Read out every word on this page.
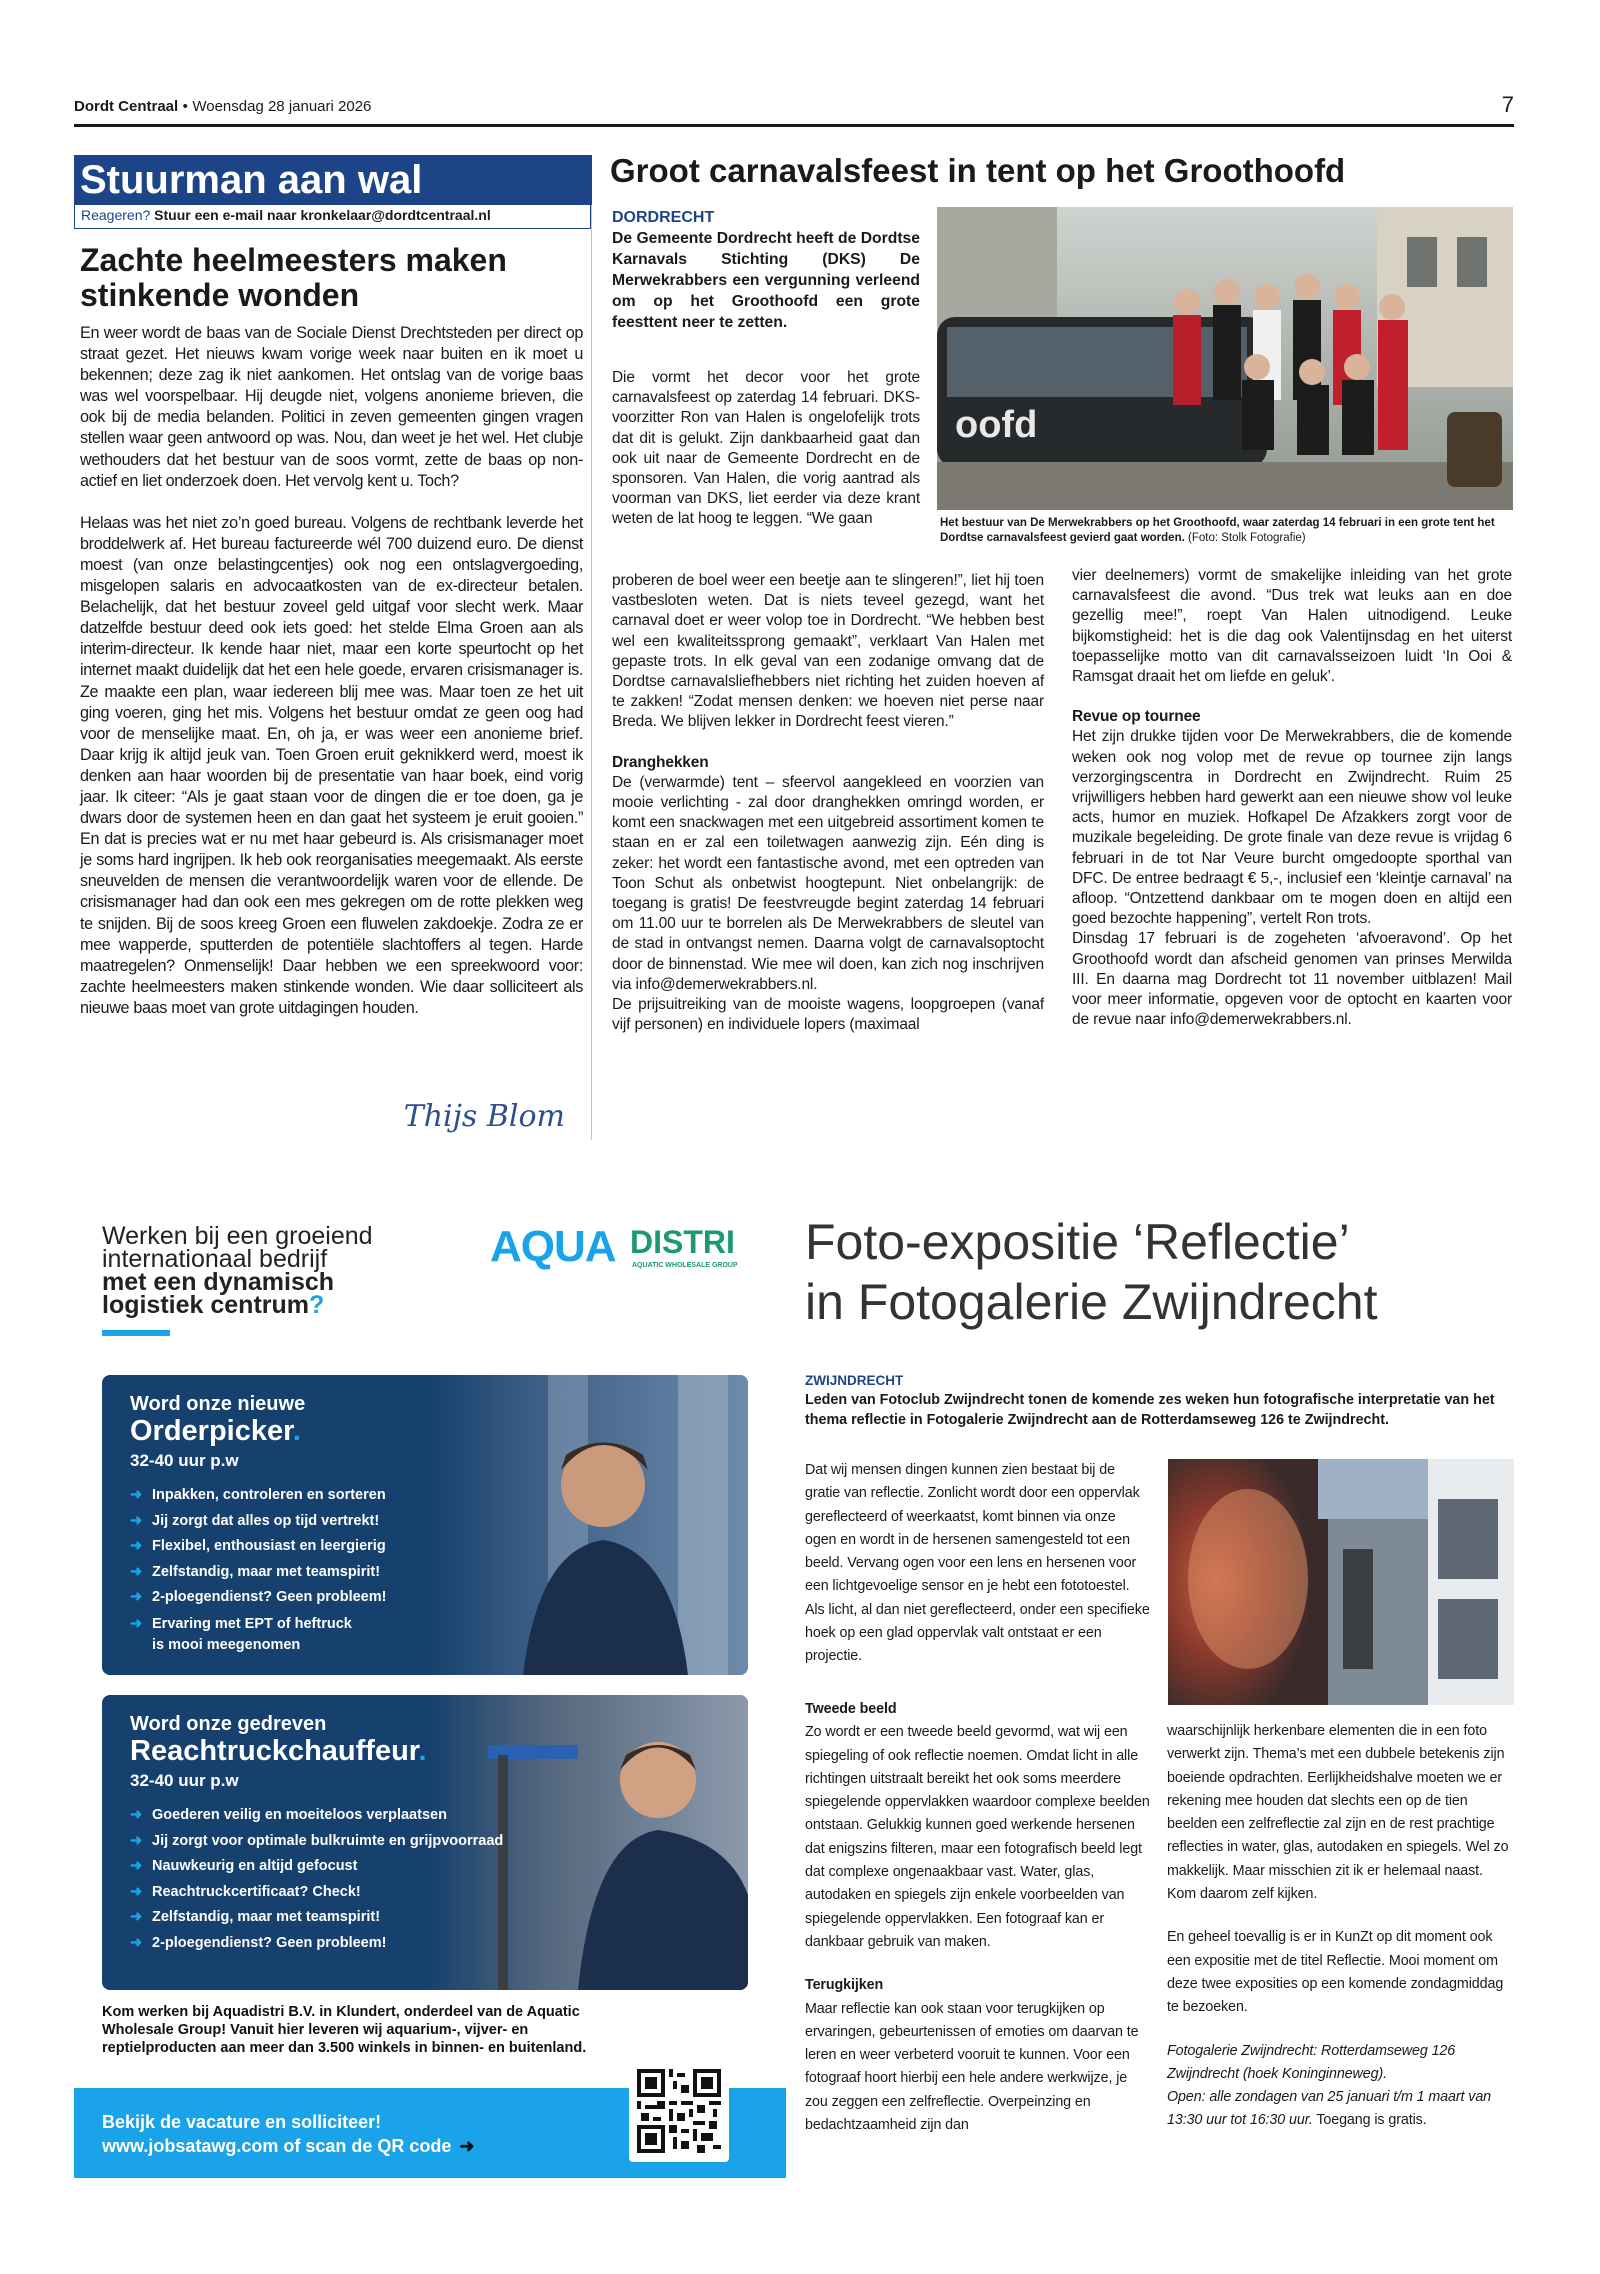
Dordt Centraal • Woensdag 28 januari 2026	7
Stuurman aan wal
Reageren? Stuur een e-mail naar kronkelaar@dordtcentraal.nl
Zachte heelmeesters maken stinkende wonden

En weer wordt de baas van de Sociale Dienst Drechtsteden per direct op straat gezet. Het nieuws kwam vorige week naar buiten en ik moet u bekennen; deze zag ik niet aankomen. Het ontslag van de vorige baas was wel voorspelbaar. Hij deugde niet, volgens anonieme brieven, die ook bij de media belanden. Politici in zeven gemeenten gingen vragen stellen waar geen antwoord op was. Nou, dan weet je het wel. Het clubje wethouders dat het bestuur van de soos vormt, zette de baas op non-actief en liet onderzoek doen. Het vervolg kent u. Toch?

Helaas was het niet zo’n goed bureau. Volgens de rechtbank leverde het broddelwerk af. Het bureau factureerde wél 700 duizend euro. De dienst moest (van onze belastingcentjes) ook nog een ontslagvergoeding, misgelopen salaris en advocaatkosten van de ex-directeur betalen. Belachelijk, dat het bestuur zoveel geld uitgaf voor slecht werk. Maar datzelfde bestuur deed ook iets goed: het stelde Elma Groen aan als interim-directeur. Ik kende haar niet, maar een korte speurtocht op het internet maakt duidelijk dat het een hele goede, ervaren crisismanager is. Ze maakte een plan, waar iedereen blij mee was. Maar toen ze het uit ging voeren, ging het mis. Volgens het bestuur omdat ze geen oog had voor de menselijke maat. En, oh ja, er was weer een anonieme brief. Daar krijg ik altijd jeuk van. Toen Groen eruit geknikkerd werd, moest ik denken aan haar woorden bij de presentatie van haar boek, eind vorig jaar. Ik citeer: “Als je gaat staan voor de dingen die er toe doen, ga je dwars door de systemen heen en dan gaat het systeem je eruit gooien.” En dat is precies wat er nu met haar gebeurd is. Als crisismanager moet je soms hard ingrijpen. Ik heb ook reorganisaties meegemaakt. Als eerste sneuvelden de mensen die verantwoordelijk waren voor de ellende. De crisismanager had dan ook een mes gekregen om de rotte plekken weg te snijden. Bij de soos kreeg Groen een fluwelen zakdoekje. Zodra ze er mee wapperde, sputterden de potentiële slachtoffers al tegen. Harde maatregelen? Onmenselijk! Daar hebben we een spreekwoord voor: zachte heelmeesters maken stinkende wonden. Wie daar solliciteert als nieuwe baas moet van grote uitdagingen houden.

Thijs Blom
Groot carnavalsfeest in tent op het Groothoofd
DORDRECHT
De Gemeente Dordrecht heeft de Dordtse Karnavals Stichting (DKS) De Merwekrabbers een vergunning verleend om op het Groothoofd een grote feesttent neer te zetten.

Die vormt het decor voor het grote carnavalsfeest op zaterdag 14 februari. DKS-voorzitter Ron van Halen is ongelofelijk trots dat dit is gelukt. Zijn dankbaarheid gaat dan ook uit naar de Gemeente Dordrecht en de sponsoren. Van Halen, die vorig aantrad als voorman van DKS, liet eerder via deze krant weten de lat hoog te leggen. “We gaan

proberen de boel weer een beetje aan te slingeren!”, liet hij toen vastbesloten weten. Dat is niets teveel gezegd, want het carnaval doet er weer volop toe in Dordrecht. “We hebben best wel een kwaliteitssprong gemaakt”, verklaart Van Halen met gepaste trots. In elk geval van een zodanige omvang dat de Dordtse carnavalsliefhebbers niet richting het zuiden hoeven af te zakken! “Zodat mensen denken: we hoeven niet perse naar Breda. We blijven lekker in Dordrecht feest vieren.”

Dranghekken

De (verwarmde) tent – sfeervol aangekleed en voorzien van mooie verlichting - zal door dranghekken omringd worden, er komt een snackwagen met een uitgebreid assortiment komen te staan en er zal een toiletwagen aanwezig zijn. Eén ding is zeker: het wordt een fantastische avond, met een optreden van Toon Schut als onbetwist hoogtepunt. Niet onbelangrijk: de toegang is gratis! De feestvreugde begint zaterdag 14 februari om 11.00 uur te borrelen als De Merwekrabbers de sleutel van de stad in ontvangst nemen. Daarna volgt de carnavalsoptocht door de binnenstad. Wie mee wil doen, kan zich nog inschrijven via info@demerwekrabbers.nl.

De prijsuitreiking van de mooiste wagens, loopgroepen (vanaf vijf personen) en individuele lopers (maximaal

vier deelnemers) vormt de smakelijke inleiding van het grote carnavalsfeest die avond. “Dus trek wat leuks aan en doe gezellig mee!”, roept Van Halen uitnodigend. Leuke bijkomstigheid: het is die dag ook Valentijnsdag en het uiterst toepasselijke motto van dit carnavalsseizoen luidt ‘In Ooi & Ramsgat draait het om liefde en geluk’.

Revue op tournee

Het zijn drukke tijden voor De Merwekrabbers, die de komende weken ook nog volop met de revue op tournee zijn langs verzorgingscentra in Dordrecht en Zwijndrecht. Ruim 25 vrijwilligers hebben hard gewerkt aan een nieuwe show vol leuke acts, humor en muziek. Hofkapel De Afzakkers zorgt voor de muzikale begeleiding. De grote finale van deze revue is vrijdag 6 februari in de tot Nar Veure burcht omgedoopte sporthal van DFC. De entree bedraagt € 5,-, inclusief een ‘kleintje carnaval’ na afloop. “Ontzettend dankbaar om te mogen doen en altijd een goed bezochte happening”, vertelt Ron trots.

Dinsdag 17 februari is de zogeheten ‘afvoeravond’. Op het Groothoofd wordt dan afscheid genomen van prinses Merwilda III. En daarna mag Dordrecht tot 11 november uitblazen! Mail voor meer informatie, opgeven voor de optocht en kaarten voor de revue naar info@demerwekrabbers.nl.

oofd
Het bestuur van De Merwekrabbers op het Groothoofd, waar zaterdag 14 februari in een grote tent het Dordtse carnavalsfeest gevierd gaat worden. (Foto: Stolk Fotografie)
Werken bij een groeiend
internationaal bedrijf
met een dynamisch
logistiek centrum?
AQUA DISTRI
AQUATIC WHOLESALE GROUP
Word onze nieuwe
Orderpicker.
32-40 uur p.w
➜ Inpakken, controleren en sorteren
➜ Jij zorgt dat alles op tijd vertrekt!
➜ Flexibel, enthousiast en leergierig
➜ Zelfstandig, maar met teamspirit!
➜ 2-ploegendienst? Geen probleem!
➜ Ervaring met EPT of heftruck
is mooi meegenomen
Word onze gedreven
Reachtruckchauffeur.
32-40 uur p.w
➜ Goederen veilig en moeiteloos verplaatsen
➜ Jij zorgt voor optimale bulkruimte en grijpvoorraad
➜ Nauwkeurig en altijd gefocust
➜ Reachtruckcertificaat? Check!
➜ Zelfstandig, maar met teamspirit!
➜ 2-ploegendienst? Geen probleem!
Kom werken bij Aquadistri B.V. in Klundert, onderdeel van de Aquatic Wholesale Group! Vanuit hier leveren wij aquarium-, vijver- en reptielproducten aan meer dan 3.500 winkels in binnen- en buitenland.
Bekijk de vacature en solliciteer!
www.jobsatawg.com of scan de QR code ➜
Foto-expositie ‘Reflectie’
in Fotogalerie Zwijndrecht
ZWIJNDRECHT
Leden van Fotoclub Zwijndrecht tonen de komende zes weken hun fotografische interpretatie van het thema reflectie in Fotogalerie Zwijndrecht aan de Rotterdamseweg 126 te Zwijndrecht.

Dat wij mensen dingen kunnen zien bestaat bij de gratie van reflectie. Zonlicht wordt door een oppervlak gereflecteerd of weerkaatst, komt binnen via onze ogen en wordt in de hersenen samengesteld tot een beeld. Vervang ogen voor een lens en hersenen voor een lichtgevoelige sensor en je hebt een fototoestel. Als licht, al dan niet gereflecteerd, onder een specifieke hoek op een glad oppervlak valt ontstaat er een projectie.

Tweede beeld

Zo wordt er een tweede beeld gevormd, wat wij een spiegeling of ook reflectie noemen. Omdat licht in alle richtingen uitstraalt bereikt het ook soms meerdere spiegelende oppervlakken waardoor complexe beelden ontstaan. Gelukkig kunnen goed werkende hersenen dat enigszins filteren, maar een fotografisch beeld legt dat complexe ongenaakbaar vast. Water, glas, autodaken en spiegels zijn enkele voorbeelden van spiegelende oppervlakken. Een fotograaf kan er dankbaar gebruik van maken.

Terugkijken

Maar reflectie kan ook staan voor terugkijken op ervaringen, gebeurtenissen of emoties om daarvan te leren en weer verbeterd vooruit te kunnen. Voor een fotograaf hoort hierbij een hele andere werkwijze, je zou zeggen een zelfreflectie. Overpeinzing en bedachtzaamheid zijn dan

waarschijnlijk herkenbare elementen die in een foto verwerkt zijn. Thema’s met een dubbele betekenis zijn boeiende opdrachten. Eerlijkheidshalve moeten we er rekening mee houden dat slechts een op de tien beelden een zelfreflectie zal zijn en de rest prachtige reflecties in water, glas, autodaken en spiegels. Wel zo makkelijk. Maar misschien zit ik er helemaal naast. Kom daarom zelf kijken.

En geheel toevallig is er in KunZt op dit moment ook een expositie met de titel Reflectie. Mooi moment om deze twee exposities op een komende zondagmiddag te bezoeken.

Fotogalerie Zwijndrecht: Rotterdamseweg 126 Zwijndrecht (hoek Koninginneweg).

Open: alle zondagen van 25 januari t/m 1 maart van 13:30 uur tot 16:30 uur. Toegang is gratis.
